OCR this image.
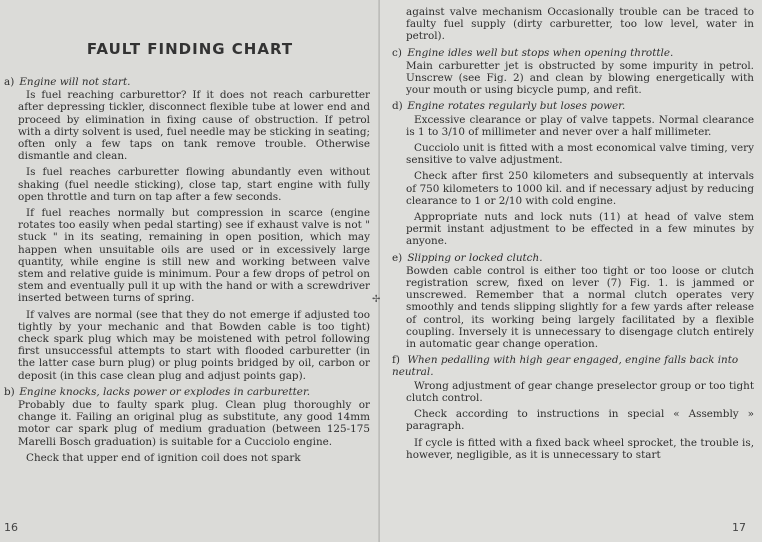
FAULT FINDING CHART

a) Engine will not start.

Is fuel reaching carburettor? If it does not reach carburetter after depressing tickler, disconnect flexible tube at lower end and proceed by elimination in fixing cause of obstruction. If petrol with a dirty solvent is used, fuel needle may be sticking in seating; often only a few taps on tank remove trouble. Otherwise dismantle and clean.

Is fuel reaches carburetter flowing abundantly even without shaking (fuel needle sticking), close tap, start engine with fully open throttle and turn on tap after a few seconds.

If fuel reaches normally but compression in scarce (engine rotates too easily when pedal starting) see if exhaust valve is not " stuck " in its seating, remaining in open position, which may happen when unsuitable oils are used or in excessively large quantity, while engine is still new and working between valve stem and relative guide is minimum. Pour a few drops of petrol on stem and eventually pull it up with the hand or with a screwdriver inserted between turns of spring.

If valves are normal (see that they do not emerge if adjusted too tightly by your mechanic and that Bowden cable is too tight) check spark plug which may be moistened with petrol following first unsuccessful attempts to start with flooded carburetter (in the latter case burn plug) or plug points bridged by oil, carbon or deposit (in this case clean plug and adjust points gap).

b) Engine knocks, lacks power or explodes in carburetter.

Probably due to faulty spark plug. Clean plug thoroughly or change it. Failing an original plug as substitute, any good 14mm motor car spark plug of medium graduation (between 125-175 Marelli Bosch graduation) is suitable for a Cucciolo engine.

Check that upper end of ignition coil does not spark

16

against valve mechanism Occasionally trouble can be traced to faulty fuel supply (dirty carburetter, too low level, water in petrol).

c) Engine idles well but stops when opening throttle.

Main carburetter jet is obstructed by some impurity in petrol. Unscrew (see Fig. 2) and clean by blowing energetically with your mouth or using bicycle pump, and refit.

d) Engine rotates regularly but loses power.

Excessive clearance or play of valve tappets. Normal clearance is 1 to 3/10 of millimeter and never over a half millimeter.

Cucciolo unit is fitted with a most economical valve timing, very sensitive to valve adjustment.

Check after first 250 kilometers and subsequently at intervals of 750 kilometers to 1000 kil. and if necessary adjust by reducing clearance to 1 or 2/10 with cold engine.

Appropriate nuts and lock nuts (11) at head of valve stem permit instant adjustment to be effected in a few minutes by anyone.

e) Slipping or locked clutch.

Bowden cable control is either too tight or too loose or clutch registration screw, fixed on lever (7) Fig. 1. is jammed or unscrewed. Remember that a normal clutch operates very smoothly and tends slipping slightly for a few yards after release of control, its working being largely facilitated by a flexible coupling. Inversely it is unnecessary to disengage clutch entirely in automatic gear change operation.

f) When pedalling with high gear engaged, engine falls back into neutral.

Wrong adjustment of gear change preselector group or too tight clutch control.

Check according to instructions in special « Assembly » paragraph.

If cycle is fitted with a fixed back wheel sprocket, the trouble is, however, negligible, as it is unnecessary to start

✢
17
